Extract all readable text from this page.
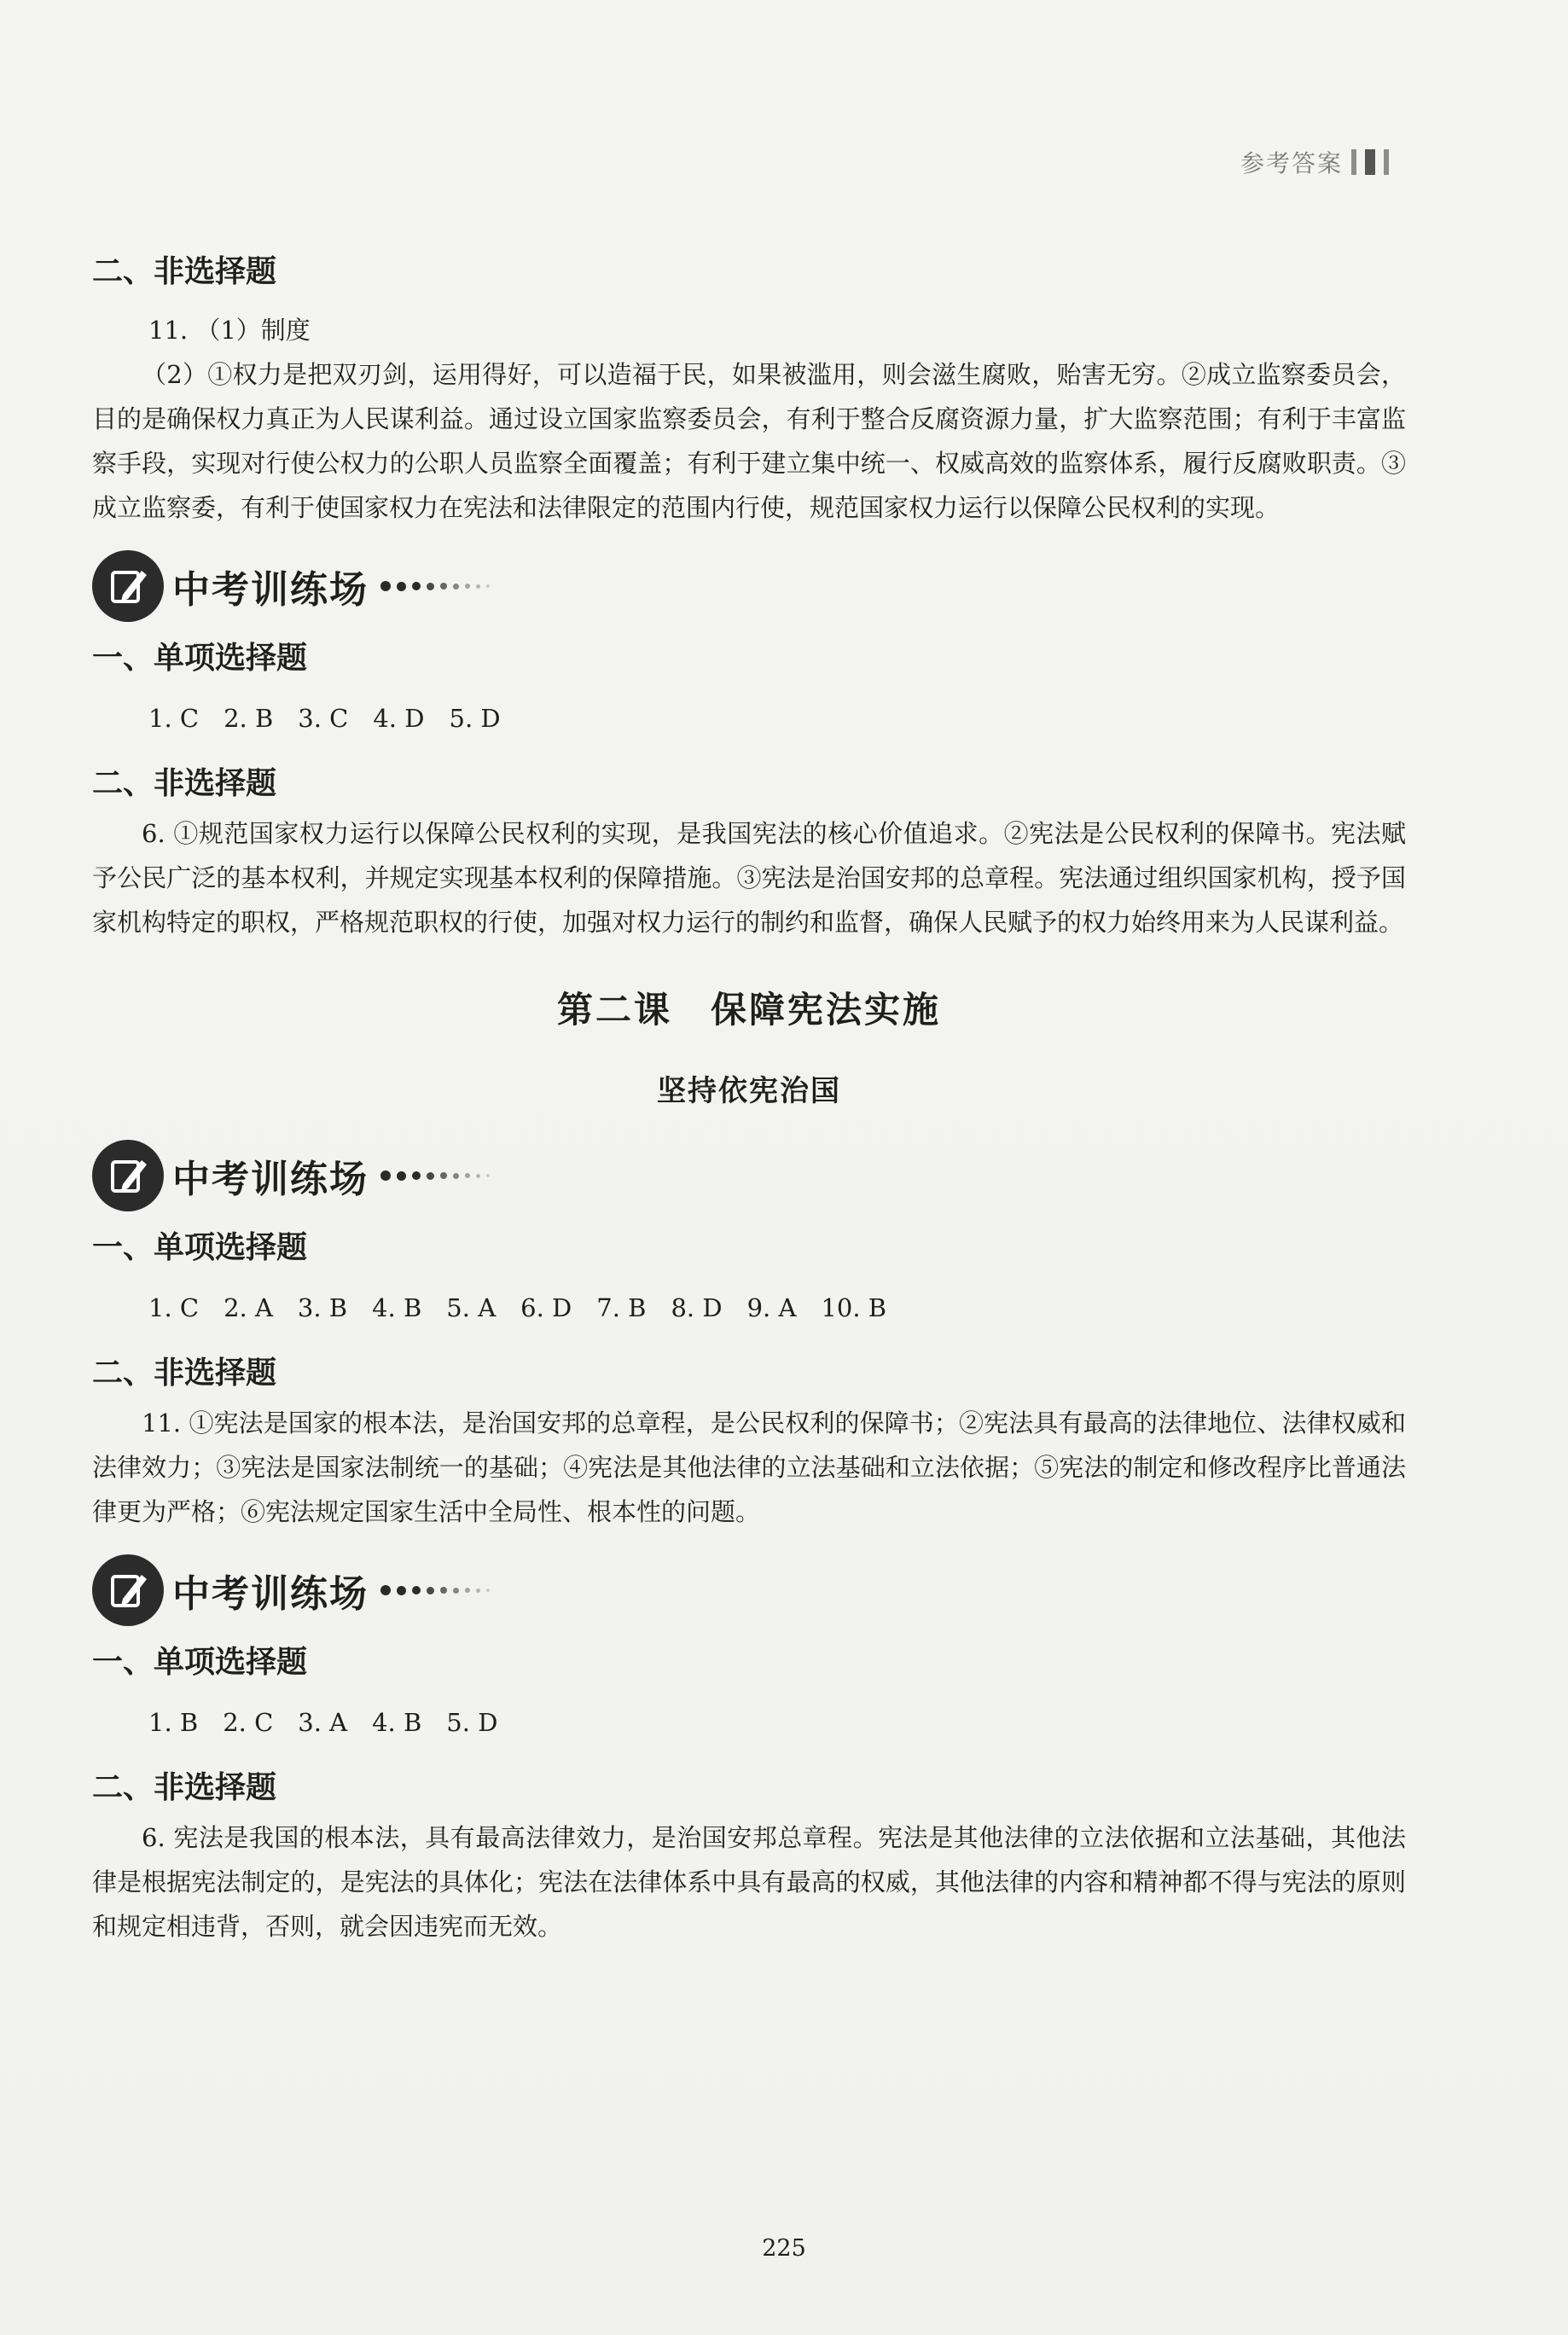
参考答案
二、非选择题

11. （1）制度

（2）①权力是把双刃剑，运用得好，可以造福于民，如果被滥用，则会滋生腐败，贻害无穷。②成立监察委员会，目的是确保权力真正为人民谋利益。通过设立国家监察委员会，有利于整合反腐资源力量，扩大监察范围；有利于丰富监察手段，实现对行使公权力的公职人员监察全面覆盖；有利于建立集中统一、权威高效的监察体系，履行反腐败职责。③成立监察委，有利于使国家权力在宪法和法律限定的范围内行使，规范国家权力运行以保障公民权利的实现。

中考训练场
一、单项选择题

1. C　2. B　3. C　4. D　5. D

二、非选择题

6. ①规范国家权力运行以保障公民权利的实现，是我国宪法的核心价值追求。②宪法是公民权利的保障书。宪法赋予公民广泛的基本权利，并规定实现基本权利的保障措施。③宪法是治国安邦的总章程。宪法通过组织国家机构，授予国家机构特定的职权，严格规范职权的行使，加强对权力运行的制约和监督，确保人民赋予的权力始终用来为人民谋利益。

第二课　保障宪法实施
坚持依宪治国
中考训练场
一、单项选择题

1. C　2. A　3. B　4. B　5. A　6. D　7. B　8. D　9. A　10. B

二、非选择题

11. ①宪法是国家的根本法，是治国安邦的总章程，是公民权利的保障书；②宪法具有最高的法律地位、法律权威和法律效力；③宪法是国家法制统一的基础；④宪法是其他法律的立法基础和立法依据；⑤宪法的制定和修改程序比普通法律更为严格；⑥宪法规定国家生活中全局性、根本性的问题。

中考训练场
一、单项选择题

1. B　2. C　3. A　4. B　5. D

二、非选择题

6. 宪法是我国的根本法，具有最高法律效力，是治国安邦总章程。宪法是其他法律的立法依据和立法基础，其他法律是根据宪法制定的，是宪法的具体化；宪法在法律体系中具有最高的权威，其他法律的内容和精神都不得与宪法的原则和规定相违背，否则，就会因违宪而无效。

225
